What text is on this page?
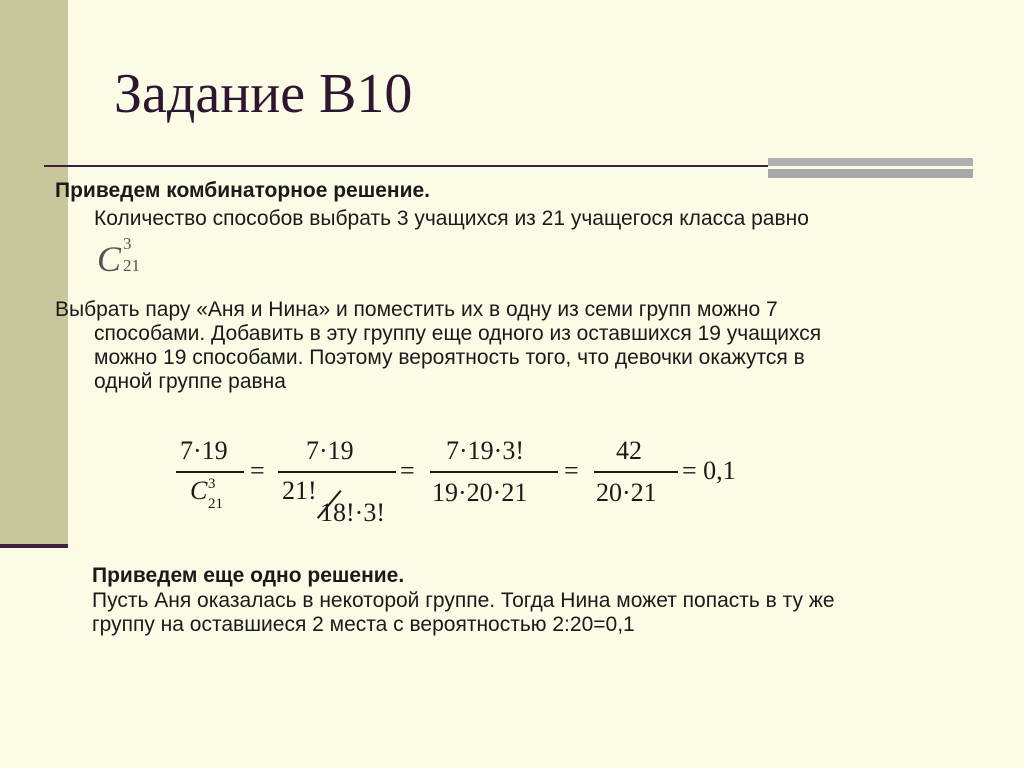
Задание B10
Приведем комбинаторное решение.
Количество способов выбрать 3 учащихся из 21 учащегося класса равно
C 3
21
Выбрать пару «Аня и Нина» и поместить их в одну из семи групп можно 7
способами. Добавить в эту группу еще одного из оставшихся 19 учащихся
можно 19 способами. Поэтому вероятность того, что девочки окажутся в
одной группе равна
7·19
C 3
21
=
7·19
21!
18!·3!
=
7·19·3!
19·20·21
=
42
20·21
= 0,1
Приведем еще одно решение.
Пусть Аня оказалась в некоторой группе. Тогда Нина может попасть в ту же
группу на оставшиеся 2 места с вероятностью 2:20=0,1
